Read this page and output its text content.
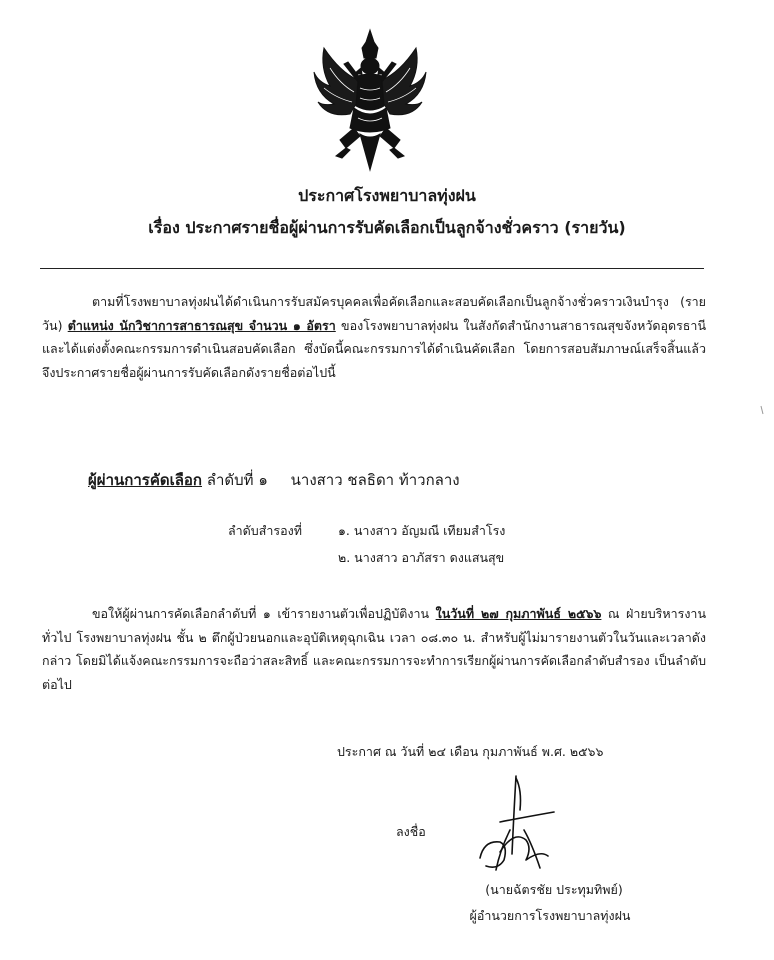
ประกาศโรงพยาบาลทุ่งฝน
เรื่อง ประกาศรายชื่อผู้ผ่านการรับคัดเลือกเป็นลูกจ้างชั่วคราว (รายวัน)
ตามที่โรงพยาบาลทุ่งฝนได้ดำเนินการรับสมัครบุคคลเพื่อคัดเลือกและสอบคัดเลือกเป็นลูกจ้างชั่วคราวเงินบำรุง (รายวัน) ตำแหน่ง นักวิชาการสาธารณสุข จำนวน ๑ อัตรา ของโรงพยาบาลทุ่งฝน ในสังกัดสำนักงานสาธารณสุขจังหวัดอุดรธานี และได้แต่งตั้งคณะกรรมการดำเนินสอบคัดเลือก ซึ่งบัดนี้คณะกรรมการได้ดำเนินคัดเลือก โดยการสอบสัมภาษณ์เสร็จสิ้นแล้ว จึงประกาศรายชื่อผู้ผ่านการรับคัดเลือกดังรายชื่อต่อไปนี้
ผู้ผ่านการคัดเลือก ลำดับที่ ๑ นางสาว ชลธิดา ท้าวกลาง
ลำดับสำรองที่	๑. นางสาว อัญมณี เทียมสำโรง
๒. นางสาว อาภัสรา ดงแสนสุข
ขอให้ผู้ผ่านการคัดเลือกลำดับที่ ๑ เข้ารายงานตัวเพื่อปฏิบัติงาน ในวันที่ ๒๗ กุมภาพันธ์ ๒๕๖๖ ณ ฝ่ายบริหารงานทั่วไป โรงพยาบาลทุ่งฝน ชั้น ๒ ตึกผู้ป่วยนอกและอุบัติเหตุฉุกเฉิน เวลา ๐๘.๓๐ น. สำหรับผู้ไม่มารายงานตัวในวันและเวลาดังกล่าว โดยมิได้แจ้งคณะกรรมการจะถือว่าสละสิทธิ์ และคณะกรรมการจะทำการเรียกผู้ผ่านการคัดเลือกลำดับสำรอง เป็นลำดับต่อไป
ประกาศ ณ วันที่ ๒๔ เดือน กุมภาพันธ์ พ.ศ. ๒๕๖๖
ลงชื่อ
(นายฉัตรชัย ประทุมทิพย์)
ผู้อำนวยการโรงพยาบาลทุ่งฝน
